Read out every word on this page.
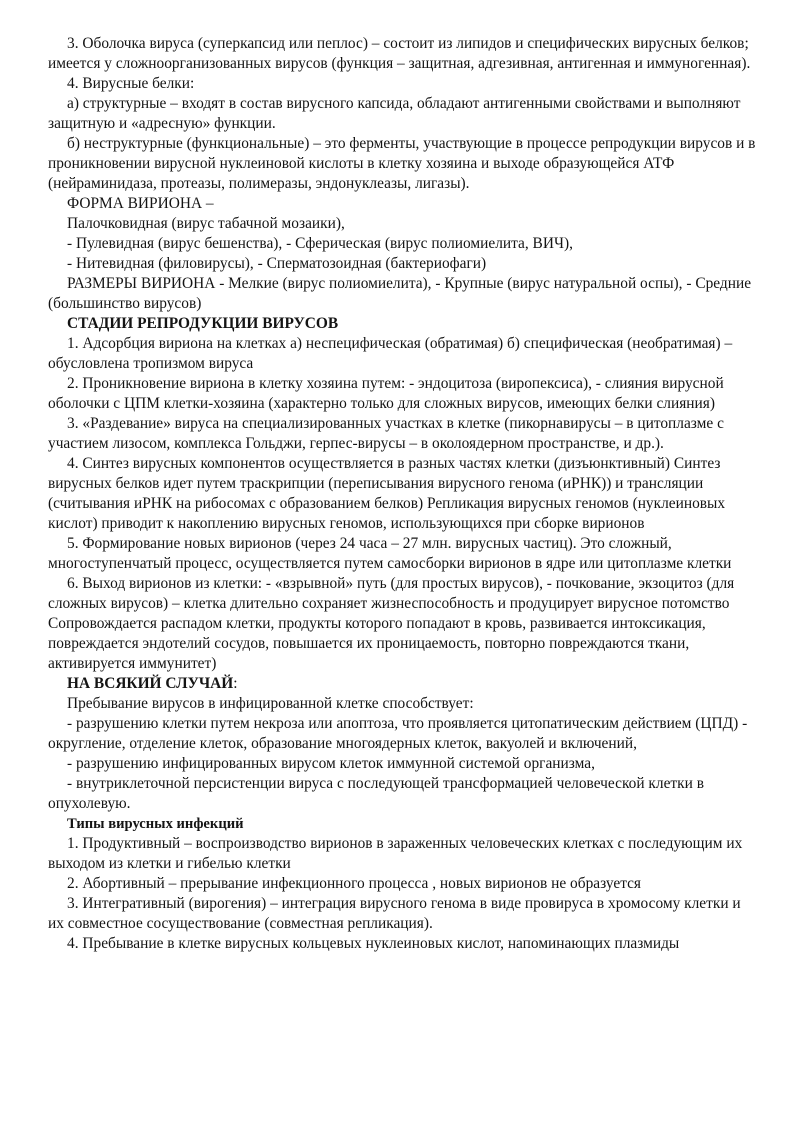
3. Оболочка вируса (суперкапсид или пеплос) – состоит из липидов и специфических вирусных белков; имеется у сложноорганизованных вирусов (функция – защитная, адгезивная, антигенная и иммуногенная).

4. Вирусные белки:

а) структурные – входят в состав вирусного капсида, обладают антигенными свойствами и выполняют защитную и «адресную» функции.

б) неструктурные (функциональные) – это ферменты, участвующие в процессе репродукции вирусов и в проникновении вирусной нуклеиновой кислоты в клетку хозяина и выходе образующейся АТФ (нейраминидаза, протеазы, полимеразы, эндонуклеазы, лигазы).

ФОРМА ВИРИОНА –

Палочковидная (вирус табачной мозаики),

- Пулевидная (вирус бешенства), - Сферическая (вирус полиомиелита, ВИЧ),

- Нитевидная (филовирусы), - Сперматозоидная (бактериофаги)

РАЗМЕРЫ ВИРИОНА - Мелкие (вирус полиомиелита), - Крупные (вирус натуральной оспы), - Средние (большинство вирусов)

СТАДИИ РЕПРОДУКЦИИ ВИРУСОВ

1. Адсорбция вириона на клетках а) неспецифическая (обратимая) б) специфическая (необратимая) – обусловлена тропизмом вируса

2. Проникновение вириона в клетку хозяина путем: - эндоцитоза (виропексиса), - слияния вирусной оболочки с ЦПМ клетки-хозяина (характерно только для сложных вирусов, имеющих белки слияния)

3. «Раздевание» вируса на специализированных участках в клетке (пикорнавирусы – в цитоплазме с участием лизосом, комплекса Гольджи, герпес-вирусы – в околоядерном пространстве, и др.).

4. Синтез вирусных компонентов осуществляется в разных частях клетки (дизъюнктивный) Синтез вирусных белков идет путем траскрипции (переписывания вирусного генома (иРНК)) и трансляции (считывания иРНК на рибосомах с образованием белков) Репликация вирусных геномов (нуклеиновых кислот) приводит к накоплению вирусных геномов, использующихся при сборке вирионов

5. Формирование новых вирионов (через 24 часа – 27 млн. вирусных частиц). Это сложный, многоступенчатый процесс, осуществляется путем самосборки вирионов в ядре или цитоплазме клетки

6. Выход вирионов из клетки: - «взрывной» путь (для простых вирусов), - почкование, экзоцитоз (для сложных вирусов) – клетка длительно сохраняет жизнеспособность и продуцирует вирусное потомство Сопровождается распадом клетки, продукты которого попадают в кровь, развивается интоксикация, повреждается эндотелий сосудов, повышается их проницаемость, повторно повреждаются ткани, активируется иммунитет)

НА ВСЯКИЙ СЛУЧАЙ:

Пребывание вирусов в инфицированной клетке способствует:

- разрушению клетки путем некроза или апоптоза, что проявляется цитопатическим действием (ЦПД) - округление, отделение клеток, образование многоядерных клеток, вакуолей и включений,

- разрушению инфицированных вирусом клеток иммунной системой организма,

- внутриклеточной персистенции вируса с последующей трансформацией человеческой клетки в опухолевую.

Типы вирусных инфекций

1. Продуктивный – воспроизводство вирионов в зараженных человеческих клетках с последующим их выходом из клетки и гибелью клетки

2. Абортивный – прерывание инфекционного процесса , новых вирионов не образуется

3. Интегративный (вирогения) – интеграция вирусного генома в виде провируса в хромосому клетки и их совместное сосуществование (совместная репликация).

4. Пребывание в клетке вирусных кольцевых нуклеиновых кислот, напоминающих плазмиды
